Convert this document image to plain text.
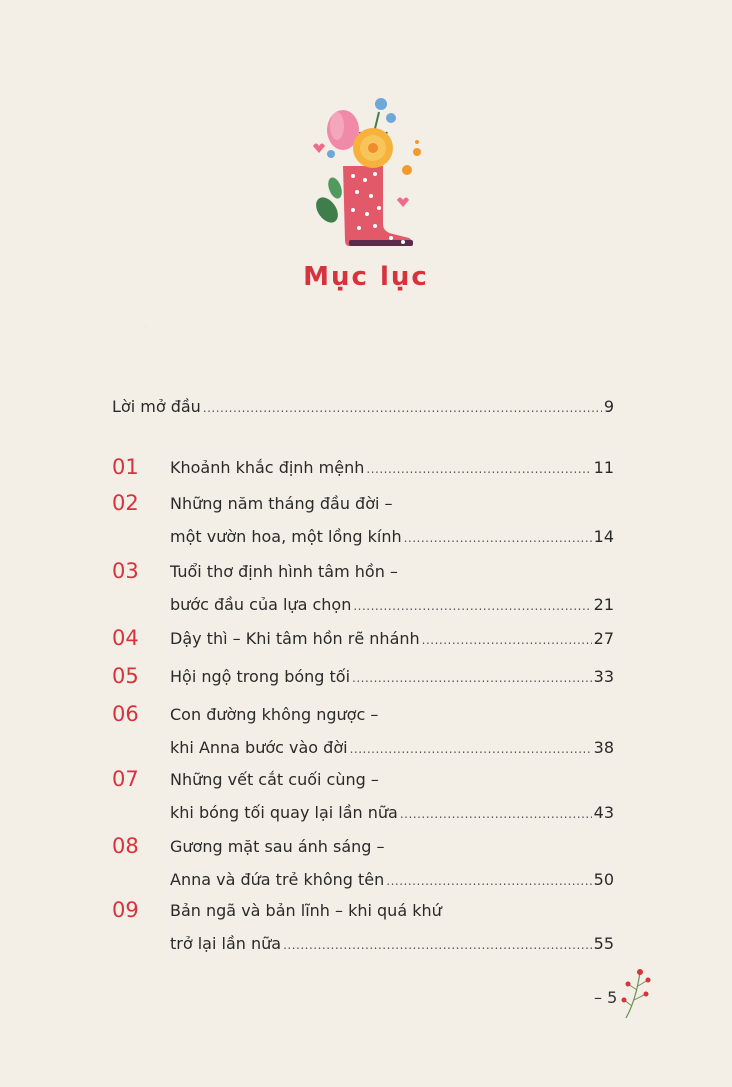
Mục lục
Lời mở đầu .....	9
01 Khoảnh khắc định mệnh .....	11
02 Những năm tháng đầu đời –
một vườn hoa, một lồng kính .....	14
03 Tuổi thơ định hình tâm hồn –
bước đầu của lựa chọn .....	21
04 Dậy thì – Khi tâm hồn rẽ nhánh .....	27
05 Hội ngộ trong bóng tối .....	33
06 Con đường không ngược –
khi Anna bước vào đời .....	38
07 Những vết cắt cuối cùng –
khi bóng tối quay lại lần nữa .....	43
08 Gương mặt sau ánh sáng –
Anna và đứa trẻ không tên .....	50
09 Bản ngã và bản lĩnh – khi quá khứ
trở lại lần nữa .....	55
– 5
